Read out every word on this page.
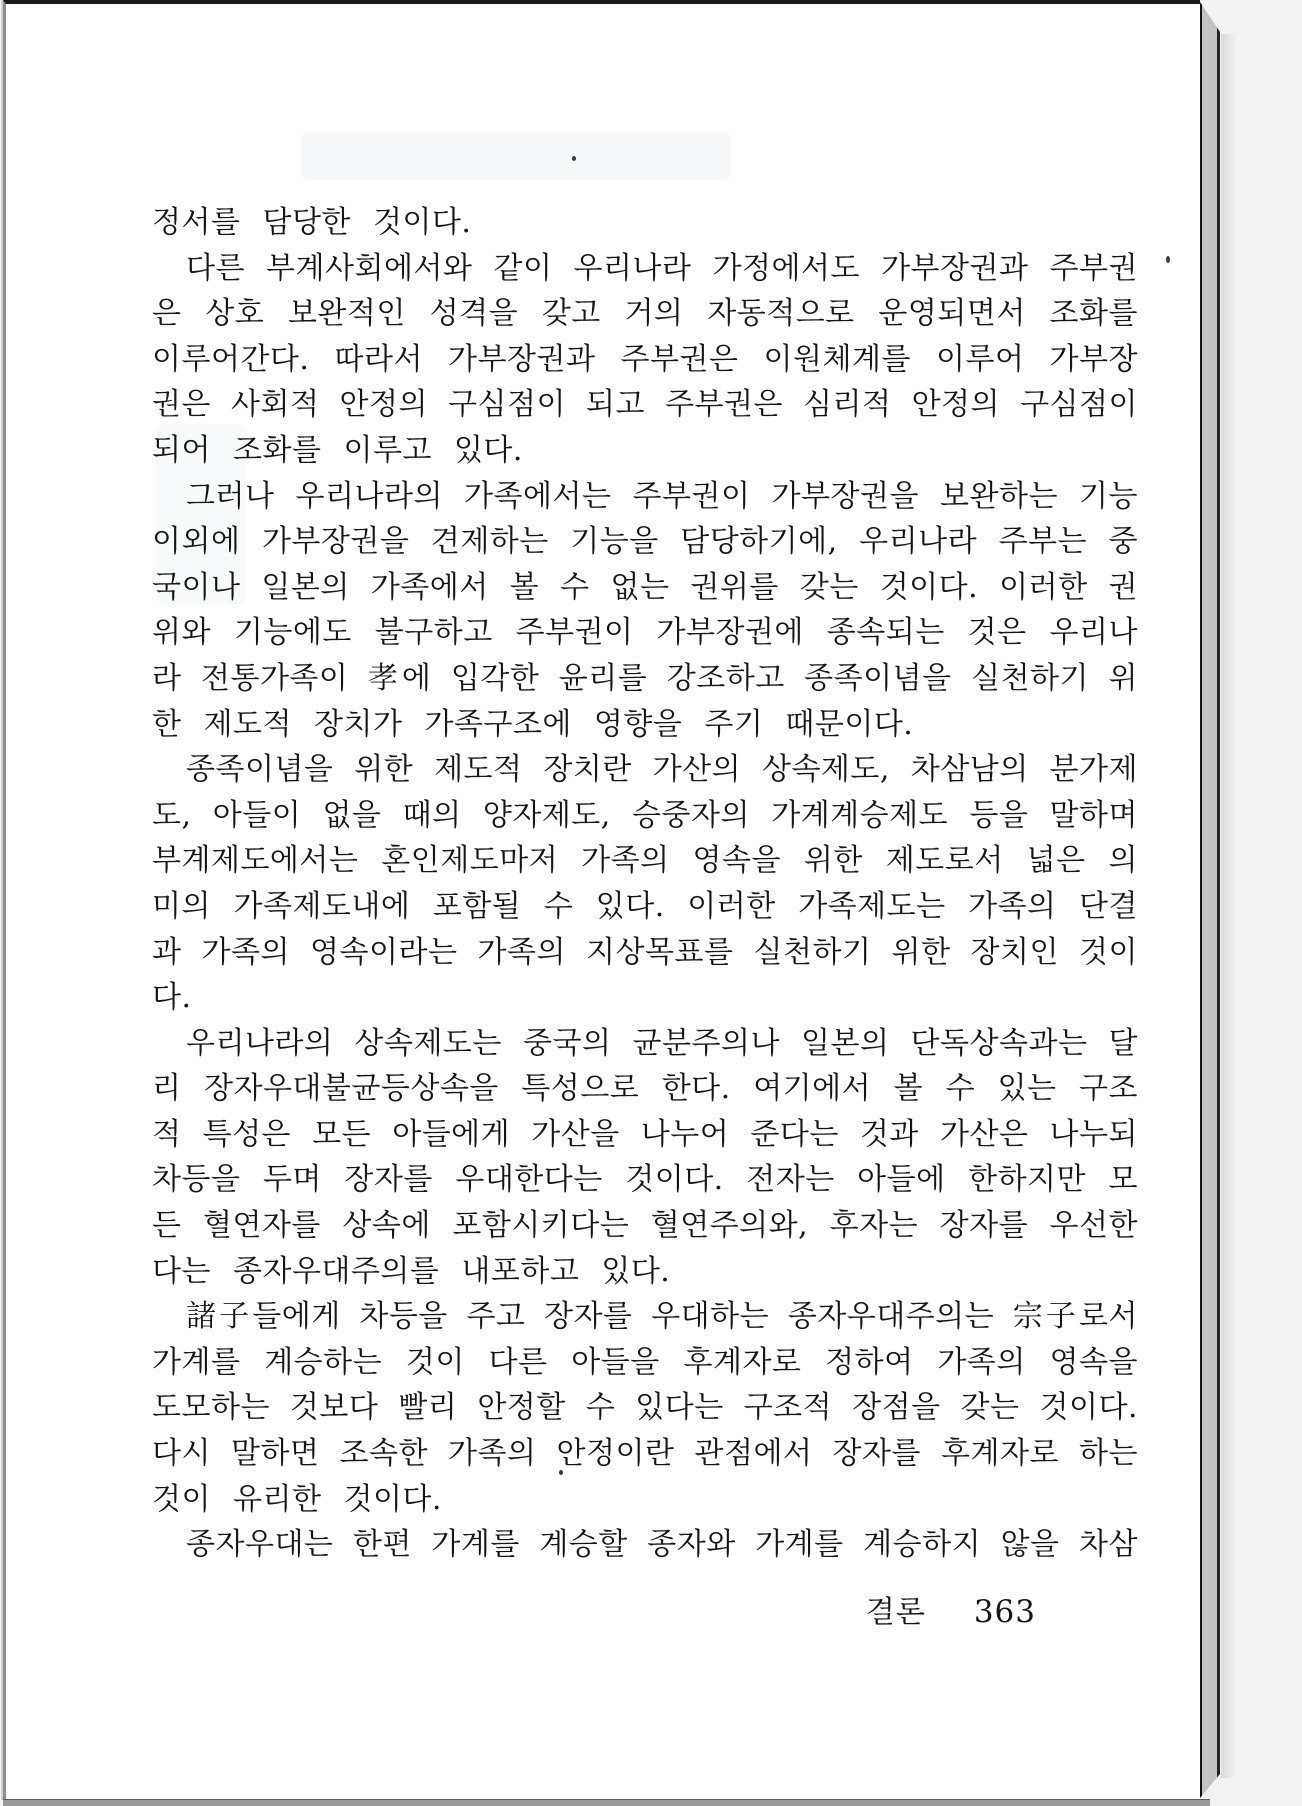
정서를 담당한 것이다.
다른 부계사회에서와 같이 우리나라 가정에서도 가부장권과 주부권
은 상호 보완적인 성격을 갖고 거의 자동적으로 운영되면서 조화를
이루어간다. 따라서 가부장권과 주부권은 이원체계를 이루어 가부장
권은 사회적 안정의 구심점이 되고 주부권은 심리적 안정의 구심점이
되어 조화를 이루고 있다.
그러나 우리나라의 가족에서는 주부권이 가부장권을 보완하는 기능
이외에 가부장권을 견제하는 기능을 담당하기에, 우리나라 주부는 중
국이나 일본의 가족에서 볼 수 없는 권위를 갖는 것이다. 이러한 권
위와 기능에도 불구하고 주부권이 가부장권에 종속되는 것은 우리나
라 전통가족이 孝에 입각한 윤리를 강조하고 종족이념을 실천하기 위
한 제도적 장치가 가족구조에 영향을 주기 때문이다.
종족이념을 위한 제도적 장치란 가산의 상속제도, 차삼남의 분가제
도, 아들이 없을 때의 양자제도, 승중자의 가계계승제도 등을 말하며
부계제도에서는 혼인제도마저 가족의 영속을 위한 제도로서 넓은 의
미의 가족제도내에 포함될 수 있다. 이러한 가족제도는 가족의 단결
과 가족의 영속이라는 가족의 지상목표를 실천하기 위한 장치인 것이
다.
우리나라의 상속제도는 중국의 균분주의나 일본의 단독상속과는 달
리 장자우대불균등상속을 특성으로 한다. 여기에서 볼 수 있는 구조
적 특성은 모든 아들에게 가산을 나누어 준다는 것과 가산은 나누되
차등을 두며 장자를 우대한다는 것이다. 전자는 아들에 한하지만 모
든 혈연자를 상속에 포함시키다는 혈연주의와, 후자는 장자를 우선한
다는 종자우대주의를 내포하고 있다.
諸子들에게 차등을 주고 장자를 우대하는 종자우대주의는 宗子로서
가계를 계승하는 것이 다른 아들을 후계자로 정하여 가족의 영속을
도모하는 것보다 빨리 안정할 수 있다는 구조적 장점을 갖는 것이다.
다시 말하면 조속한 가족의 안정이란 관점에서 장자를 후계자로 하는
것이 유리한 것이다.
종자우대는 한편 가계를 계승할 종자와 가계를 계승하지 않을 차삼
결론 363
